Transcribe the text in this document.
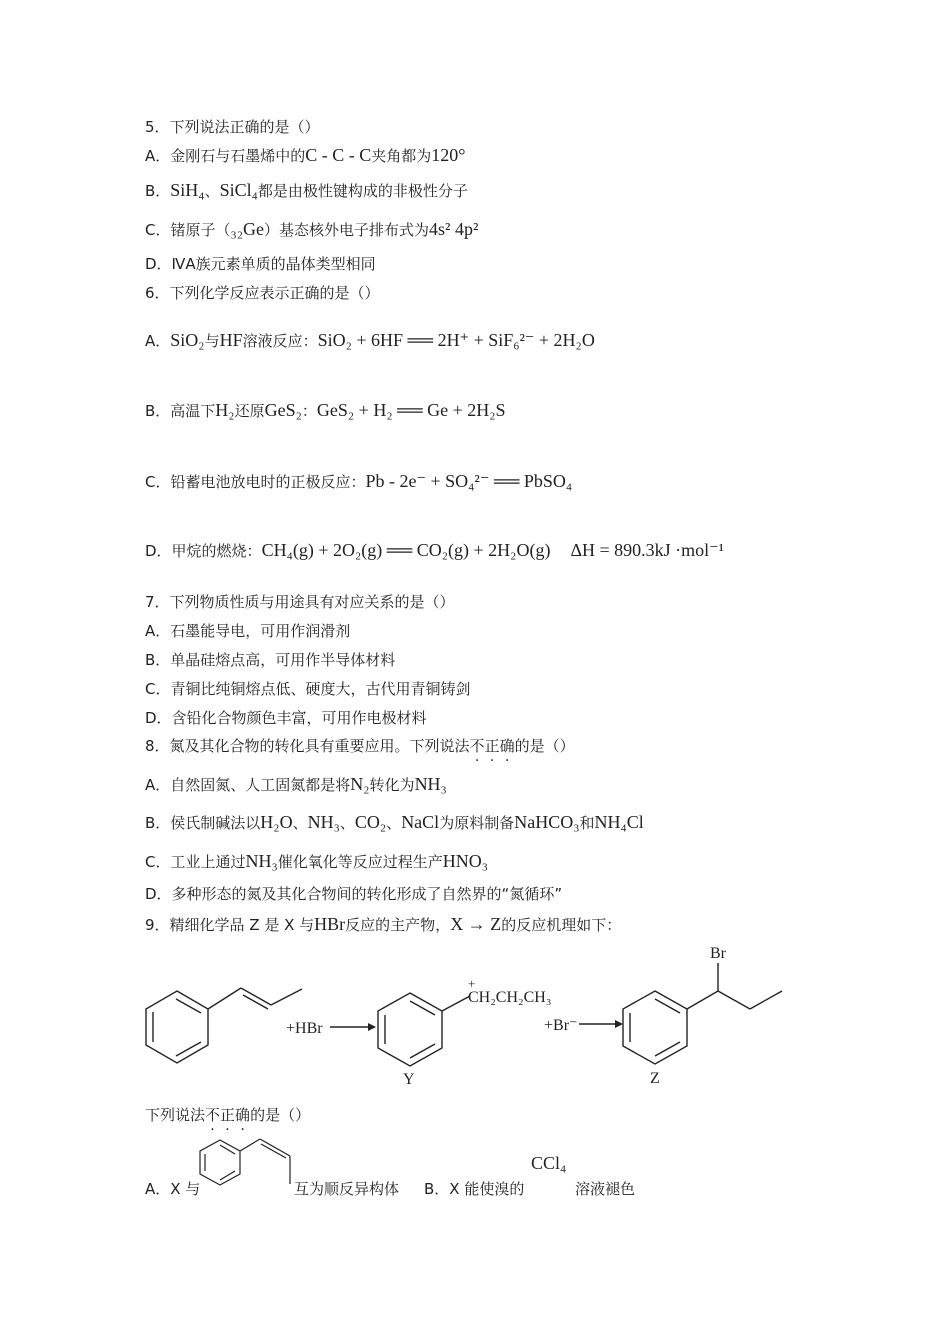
5．下列说法正确的是（）
A．金刚石与石墨烯中的C - C - C夹角都为120°
B．SiH₄、SiCl₄都是由极性键构成的非极性分子
C．锗原子（₃₂Ge）基态核外电子排布式为4s² 4p²
D．ⅣA族元素单质的晶体类型相同
6．下列化学反应表示正确的是（）
A．SiO₂与HF溶液反应：SiO₂ + 6HF ══ 2H⁺ + SiF₆²⁻ + 2H₂O
B．高温下H₂还原GeS₂：GeS₂ + H₂ ══ Ge + 2H₂S
C．铅蓄电池放电时的正极反应：Pb - 2e⁻ + SO₄²⁻ ══ PbSO₄
D．甲烷的燃烧：CH₄(g) + 2O₂(g) ══ CO₂(g) + 2H₂O(g) ΔH = 890.3kJ ·mol⁻¹
7．下列物质性质与用途具有对应关系的是（）
A．石墨能导电，可用作润滑剂
B．单晶硅熔点高，可用作半导体材料
C．青铜比纯铜熔点低、硬度大，古代用青铜铸剑
D．含铅化合物颜色丰富，可用作电极材料
8．氮及其化合物的转化具有重要应用。下列说法不正确的是（）
A．自然固氮、人工固氮都是将N₂转化为NH₃
B．侯氏制碱法以H₂O、NH₃、CO₂、NaCl为原料制备NaHCO₃和NH₄Cl
C．工业上通过NH₃催化氧化等反应过程生产HNO₃
D．多种形态的氮及其化合物间的转化形成了自然界的“氮循环”
9．精细化学品 Z 是 X 与HBr反应的主产物，X → Z的反应机理如下：
+HBr
+
CH₂CH₂CH₃
Y
+Br⁻
Br
Z
下列说法不正确的是（）
CCl₄
A．X 与	互为顺反异构体 B．X 能使溴的	溶液褪色
